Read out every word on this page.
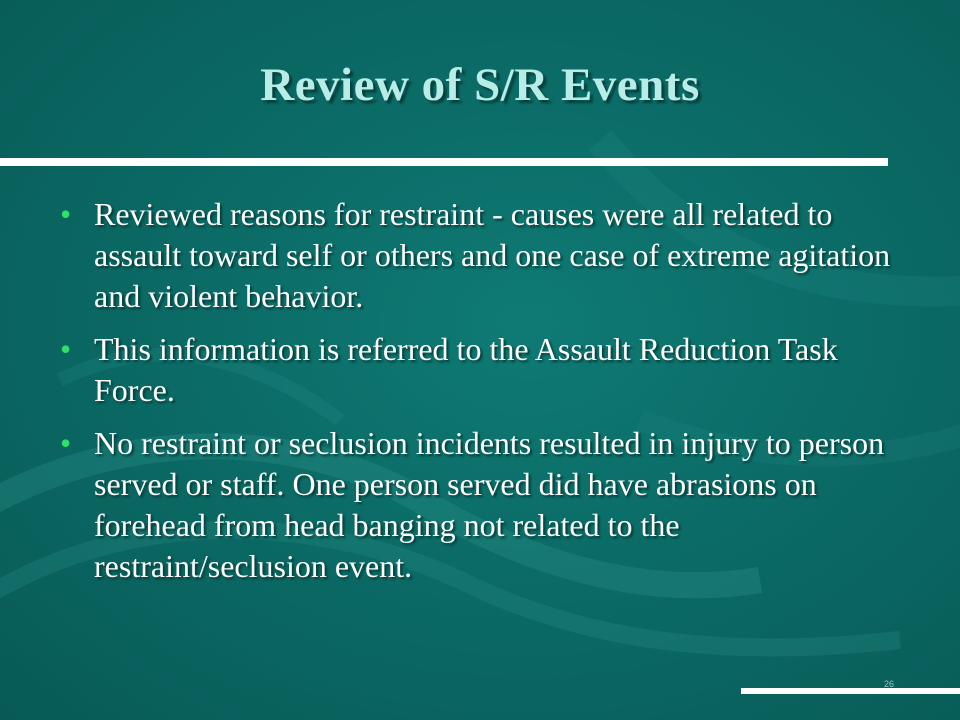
Review of S/R Events
• Reviewed reasons for restraint - causes were all related to assault toward self or others and one case of extreme agitation and violent behavior.
• This information is referred to the Assault Reduction Task Force.
• No restraint or seclusion incidents resulted in injury to person served or staff. One person served did have abrasions on forehead from head banging not related to the restraint/seclusion event.
26
